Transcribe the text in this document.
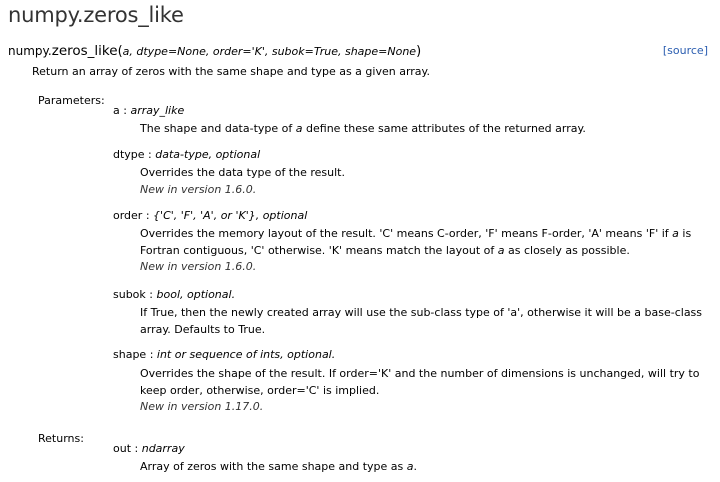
numpy.zeros_like
numpy.zeros_like(a, dtype=None, order='K', subok=True, shape=None)	[source]
Return an array of zeros with the same shape and type as a given array.
Parameters:
a : array_like
The shape and data-type of a define these same attributes of the returned array.
dtype : data-type, optional
Overrides the data type of the result.
New in version 1.6.0.
order : {'C', 'F', 'A', or 'K'}, optional
Overrides the memory layout of the result. 'C' means C-order, 'F' means F-order, 'A' means 'F' if a is Fortran contiguous, 'C' otherwise. 'K' means match the layout of a as closely as possible.
New in version 1.6.0.
subok : bool, optional.
If True, then the newly created array will use the sub-class type of 'a', otherwise it will be a base-class array. Defaults to True.
shape : int or sequence of ints, optional.
Overrides the shape of the result. If order='K' and the number of dimensions is unchanged, will try to keep order, otherwise, order='C' is implied.
New in version 1.17.0.
Returns:
out : ndarray
Array of zeros with the same shape and type as a.
